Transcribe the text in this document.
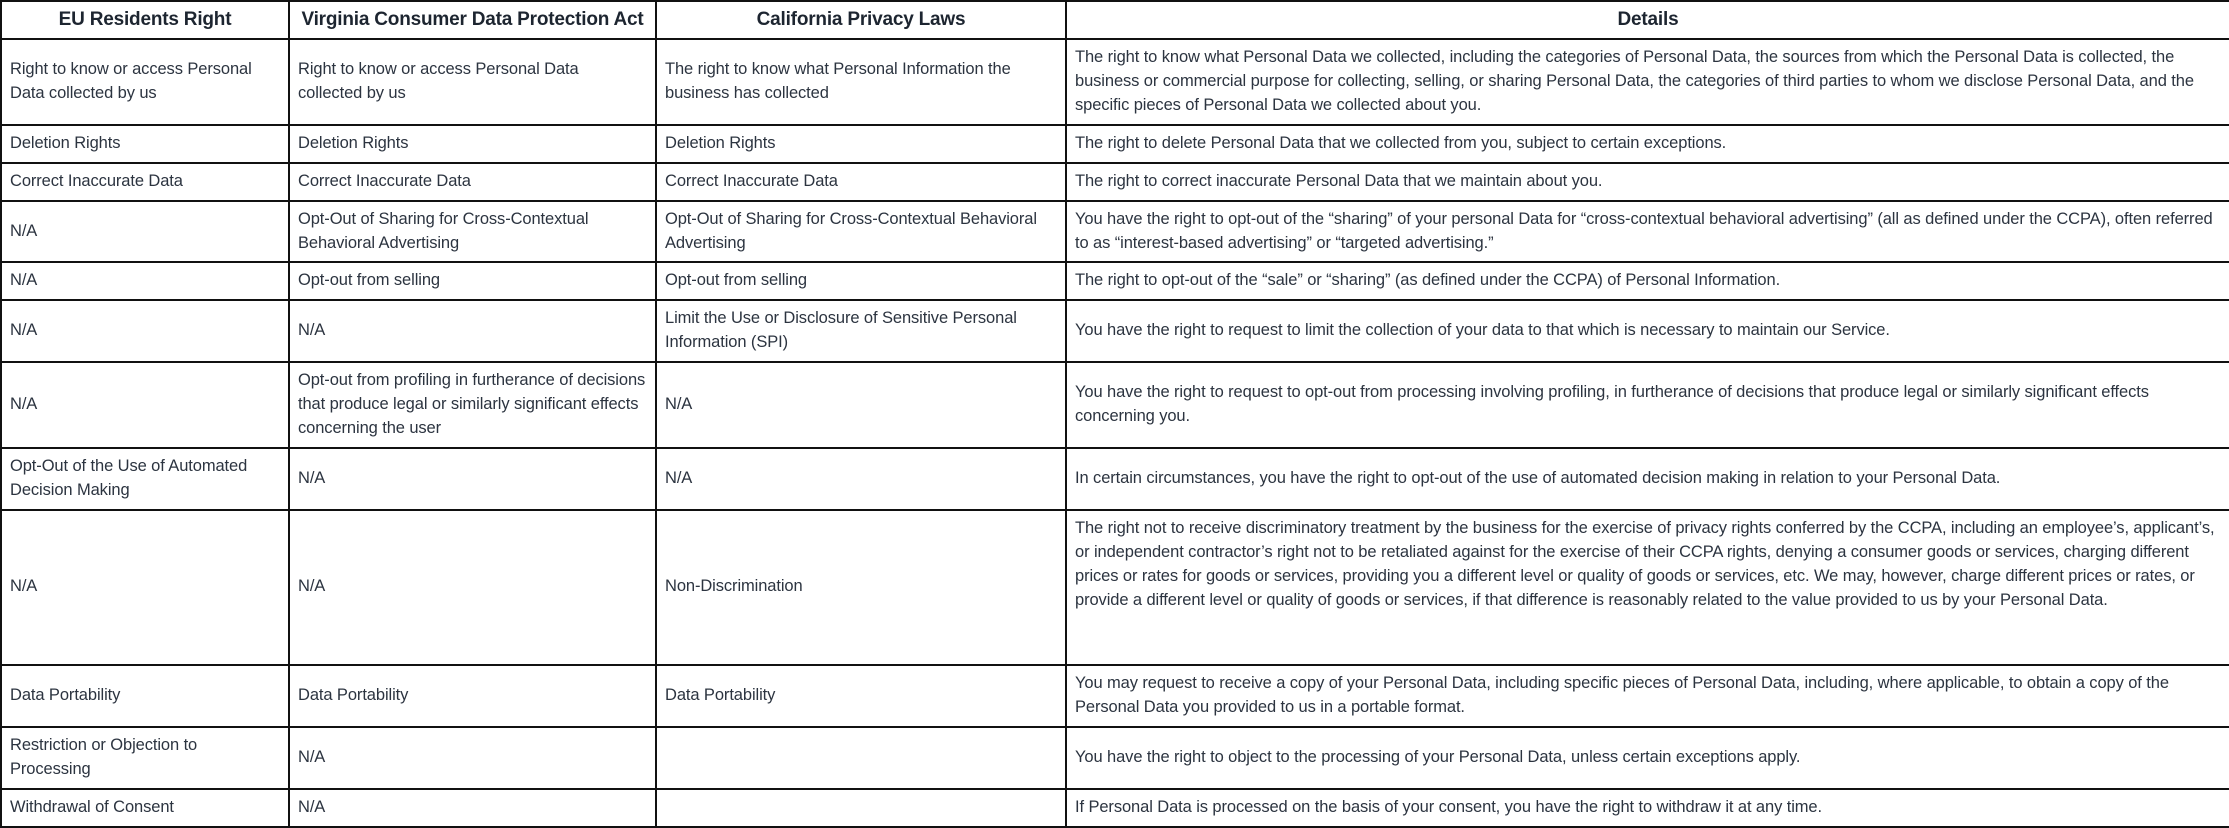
EU Residents Right	Virginia Consumer Data Protection Act	California Privacy Laws	Details
Right to know or access Personal Data collected by us	Right to know or access Personal Data collected by us	The right to know what Personal Information the business has collected	The right to know what Personal Data we collected, including the categories of Personal Data, the sources from which the Personal Data is collected, the business or commercial purpose for collecting, selling, or sharing Personal Data, the categories of third parties to whom we disclose Personal Data, and the specific pieces of Personal Data we collected about you.
Deletion Rights	Deletion Rights	Deletion Rights	The right to delete Personal Data that we collected from you, subject to certain exceptions.
Correct Inaccurate Data	Correct Inaccurate Data	Correct Inaccurate Data	The right to correct inaccurate Personal Data that we maintain about you.
N/A	Opt-Out of Sharing for Cross-Contextual Behavioral Advertising	Opt-Out of Sharing for Cross-Contextual Behavioral Advertising	You have the right to opt-out of the “sharing” of your personal Data for “cross-contextual behavioral advertising” (all as defined under the CCPA), often referred to as “interest-based advertising” or “targeted advertising.”
N/A	Opt-out from selling	Opt-out from selling	The right to opt-out of the “sale” or “sharing” (as defined under the CCPA) of Personal Information.
N/A	N/A	Limit the Use or Disclosure of Sensitive Personal Information (SPI)	You have the right to request to limit the collection of your data to that which is necessary to maintain our Service.
N/A	Opt-out from profiling in furtherance of decisions that produce legal or similarly significant effects concerning the user	N/A	You have the right to request to opt-out from processing involving profiling, in furtherance of decisions that produce legal or similarly significant effects concerning you.
Opt-Out of the Use of Automated Decision Making	N/A	N/A	In certain circumstances, you have the right to opt-out of the use of automated decision making in relation to your Personal Data.
N/A	N/A	Non-Discrimination	The right not to receive discriminatory treatment by the business for the exercise of privacy rights conferred by the CCPA, including an employee’s, applicant’s, or independent contractor’s right not to be retaliated against for the exercise of their CCPA rights, denying a consumer goods or services, charging different prices or rates for goods or services, providing you a different level or quality of goods or services, etc. We may, however, charge different prices or rates, or provide a different level or quality of goods or services, if that difference is reasonably related to the value provided to us by your Personal Data.
Data Portability	Data Portability	Data Portability	You may request to receive a copy of your Personal Data, including specific pieces of Personal Data, including, where applicable, to obtain a copy of the Personal Data you provided to us in a portable format.
Restriction or Objection to Processing	N/A		You have the right to object to the processing of your Personal Data, unless certain exceptions apply.
Withdrawal of Consent	N/A		If Personal Data is processed on the basis of your consent, you have the right to withdraw it at any time.
